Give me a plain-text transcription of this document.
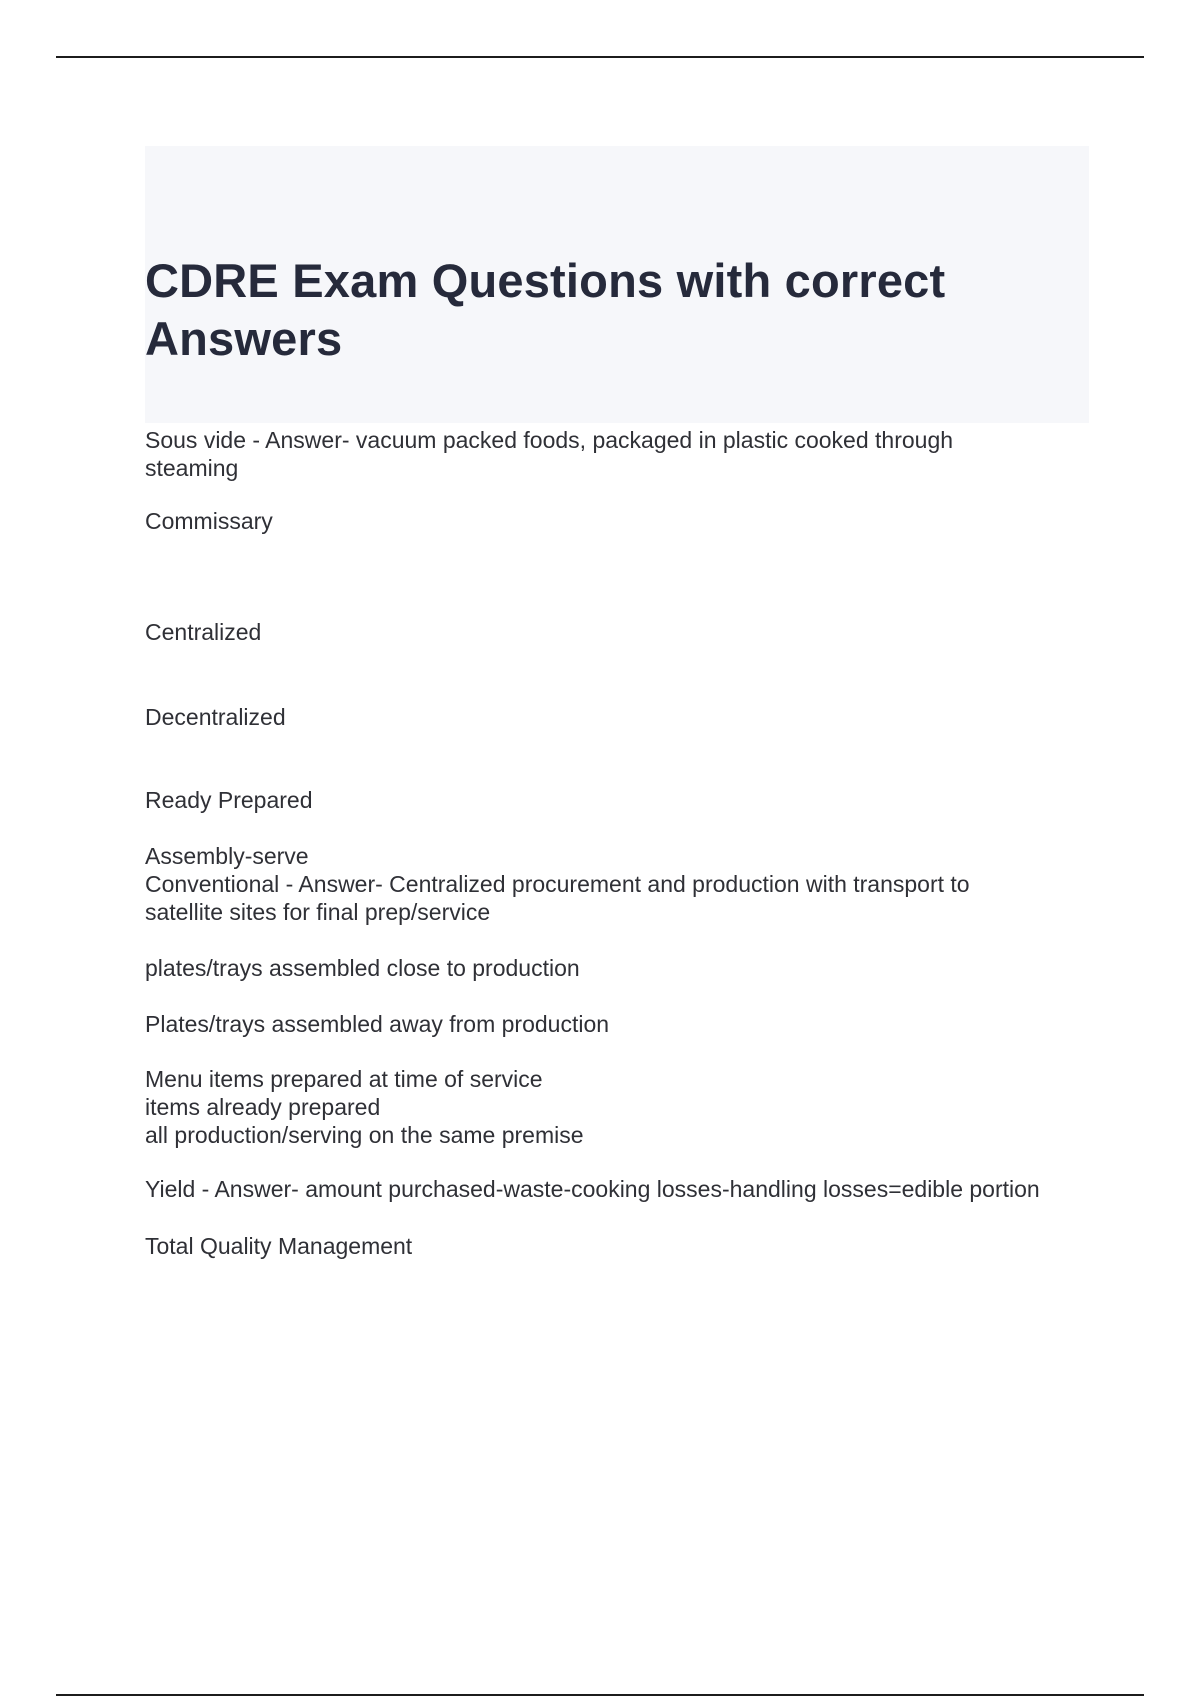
CDRE Exam Questions with correct Answers
Sous vide - Answer- vacuum packed foods, packaged in plastic cooked through
steaming
Commissary
Centralized
Decentralized
Ready Prepared
Assembly-serve
Conventional - Answer- Centralized procurement and production with transport to
satellite sites for final prep/service
plates/trays assembled close to production
Plates/trays assembled away from production
Menu items prepared at time of service
items already prepared
all production/serving on the same premise
Yield - Answer- amount purchased-waste-cooking losses-handling losses=edible portion
Total Quality Management
